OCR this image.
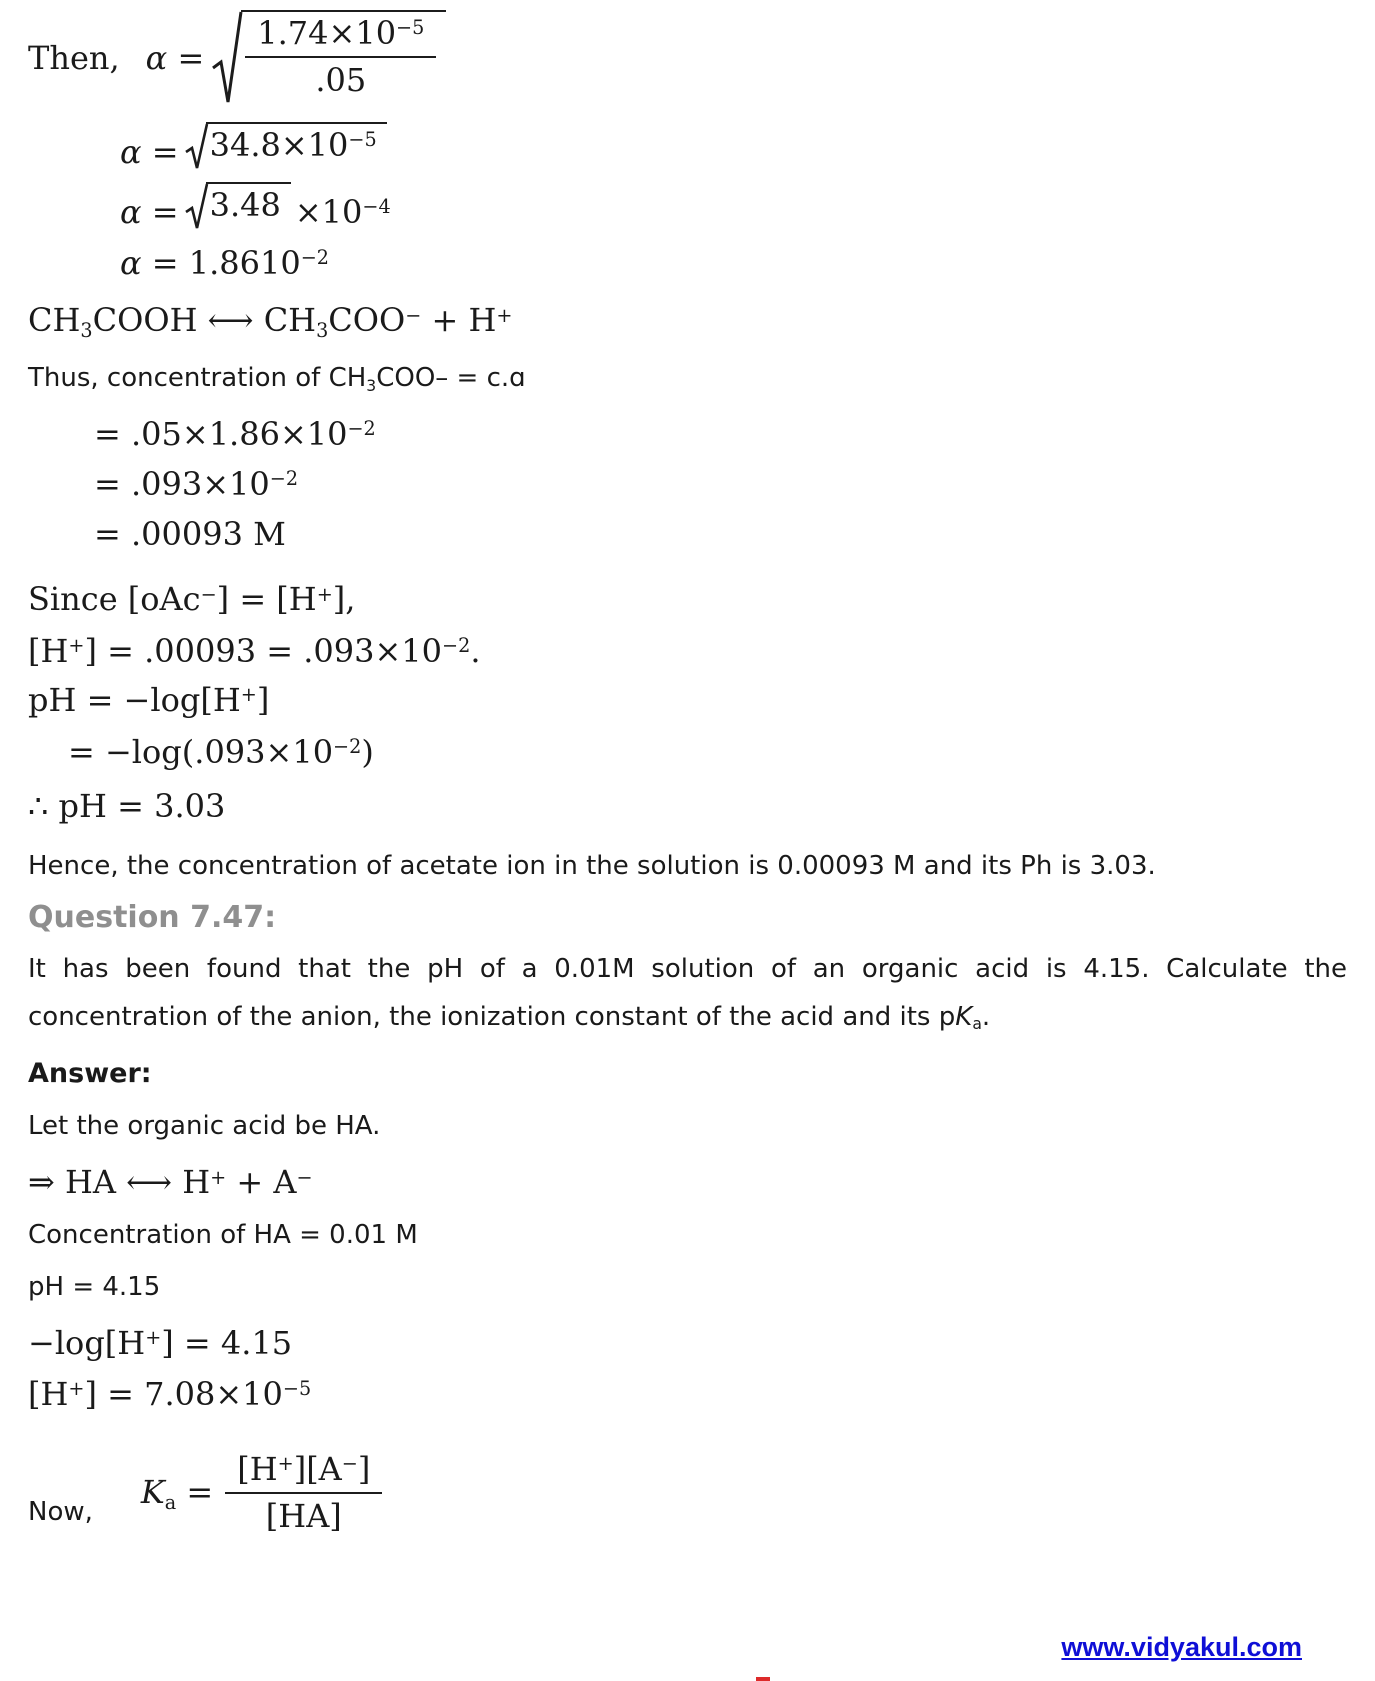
Then, $\alpha = \frac{1.74\times 10^{-5}}{.05}$
$\alpha = 34.8\times 10^{-5}$
$\alpha = 3.48 \times 10^{-4}$
$\alpha = 1.8610^{-2}$
CH3COOH ⟷ CH3COO− + H+
Thus, concentration of CH3COO– = c.ɑ
= $.05\times 1.86\times 10^{-2}$
= $.093\times 10^{-2}$
= .00093 M
Since [oAc−] = [H+],
$[H^+] = .00093 = .093\times 10^{-2}$.
pH = −log[H+]
= $-\log(.093\times 10^{-2})$
∴ pH = 3.03
Hence, the concentration of acetate ion in the solution is 0.00093 M and its Ph is 3.03.
Question 7.47:
It has been found that the pH of a 0.01M solution of an organic acid is 4.15. Calculate the concentration of the anion, the ionization constant of the acid and its pKa.
Answer:
Let the organic acid be HA.
⇒ HA ⟷ H+ + A−
Concentration of HA = 0.01 M
pH = 4.15
−log[H+] = 4.15
$[H^+] = 7.08\times 10^{-5}$
Now,
$Ka = \frac{[H^+][A^-]}{[HA]}$
www.vidyakul.com
